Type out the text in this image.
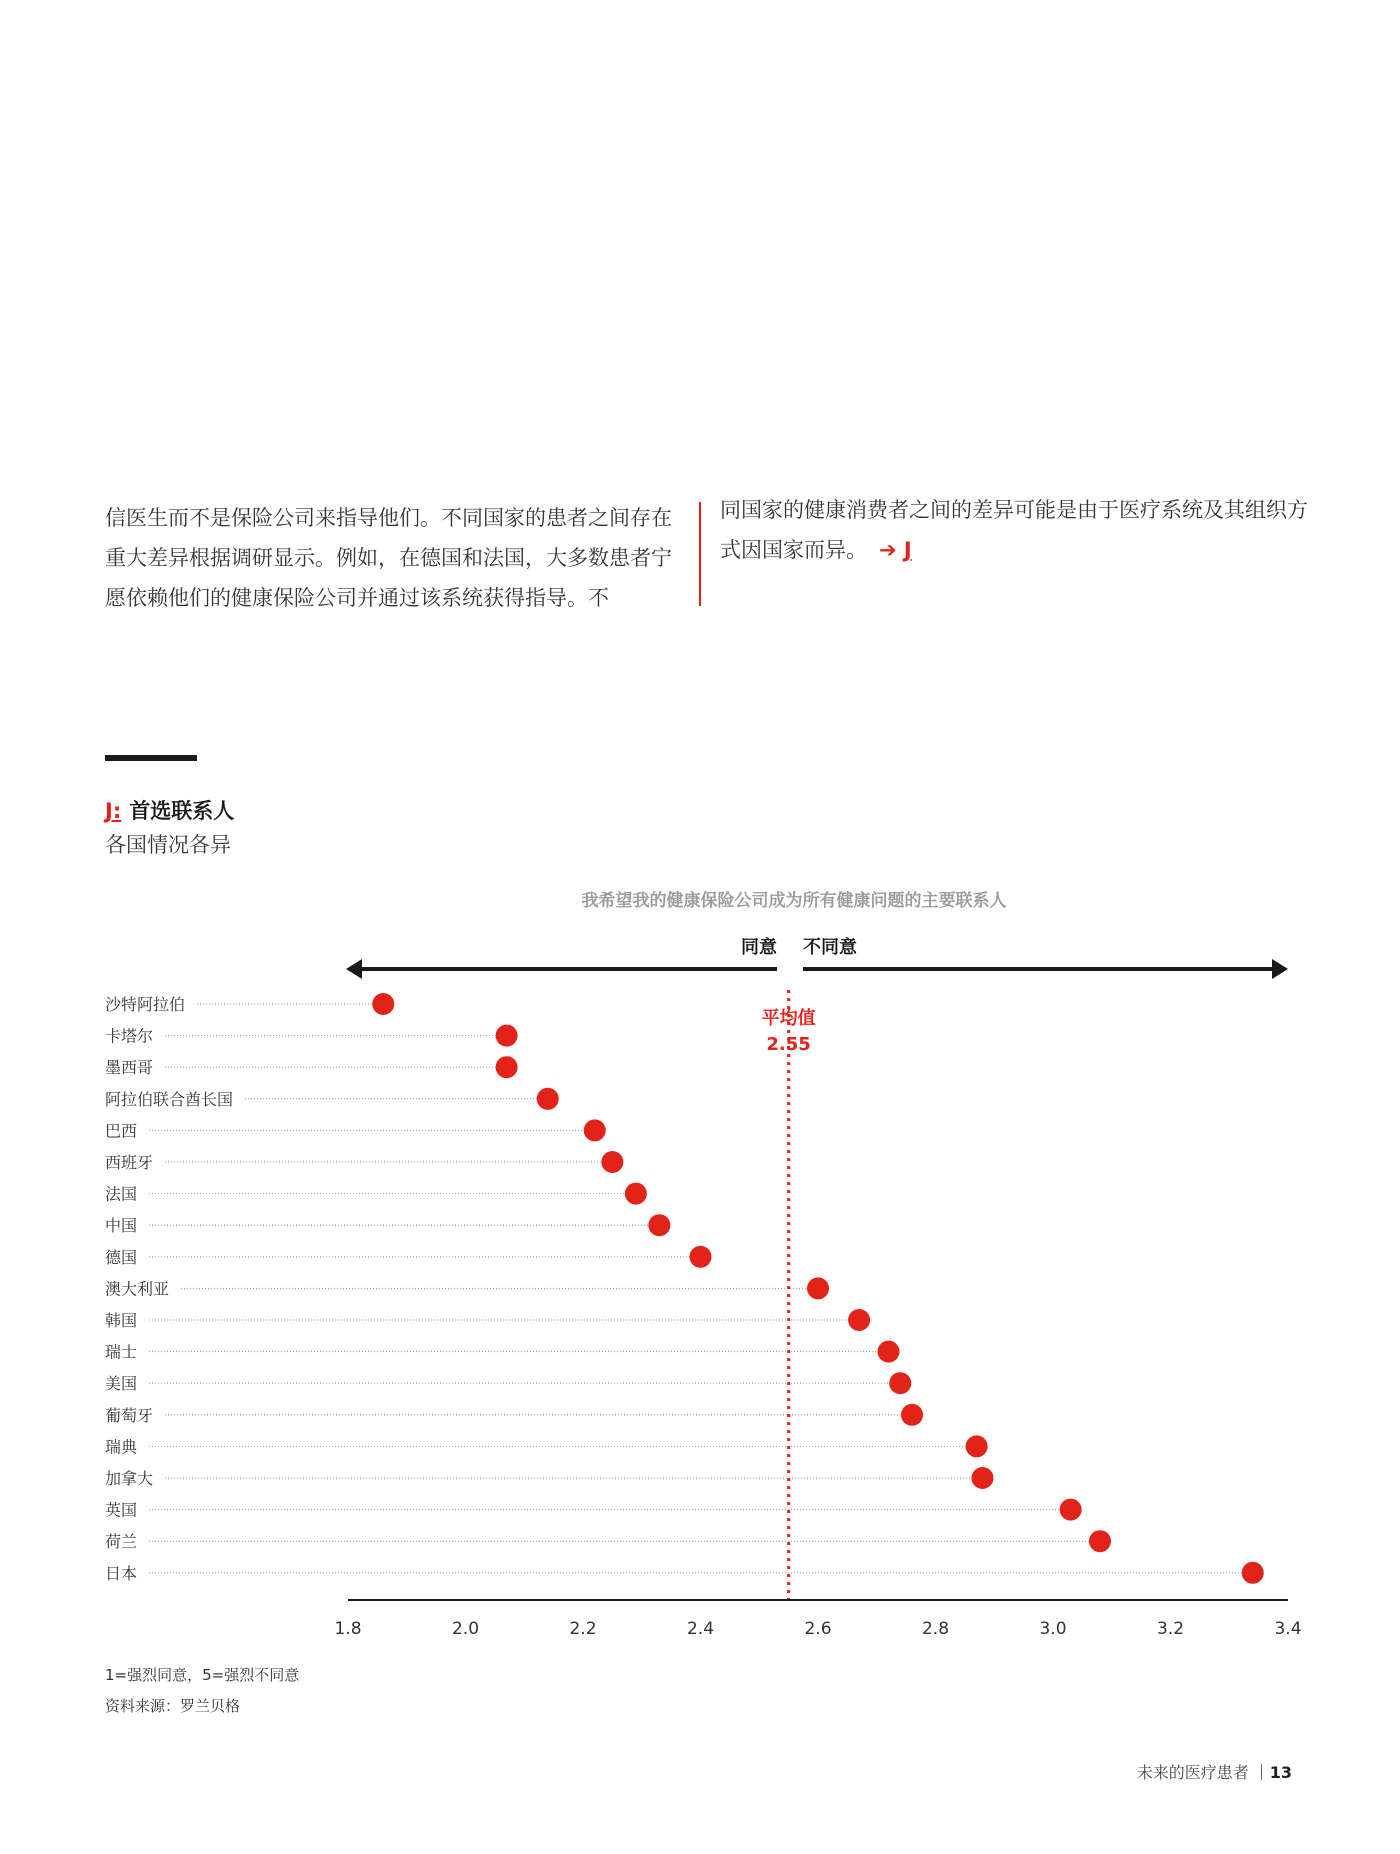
信医生而不是保险公司来指导他们。不同国家的患者之间存在重大差异根据调研显示。例如，在德国和法国，大多数患者宁愿依赖他们的健康保险公司并通过该系统获得指导。不
同国家的健康消费者之间的差异可能是由于医疗系统及其组织方式因国家而异。 ➔ J
J: 首选联系人
各国情况各异
我希望我的健康保险公司成为所有健康问题的主要联系人
同意 不同意
沙特阿拉伯
卡塔尔
墨西哥
阿拉伯联合酋长国
巴西
西班牙
法国
中国
德国
澳大利亚
韩国
瑞士
美国
葡萄牙
瑞典
加拿大
英国
荷兰
日本
平均值
2.55
1.8	2.0	2.2	2.4	2.6	2.8	3.0	3.2	3.4
1=强烈同意，5=强烈不同意
资料来源：罗兰贝格
未来的医疗患者 13
